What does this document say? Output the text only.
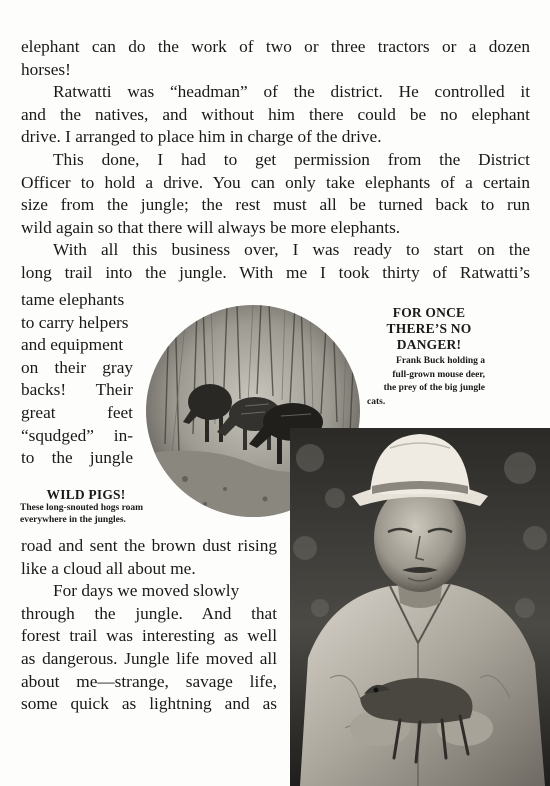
elephant can do the work of two or three tractors or a dozen
horses!
Ratwatti was “headman” of the district. He controlled it
and the natives, and without him there could be no elephant
drive. I arranged to place him in charge of the drive.
This done, I had to get permission from the District
Officer to hold a drive. You can only take elephants of a certain
size from the jungle; the rest must all be turned back to run
wild again so that there will always be more elephants.
With all this business over, I was ready to start on the
long trail into the jungle. With me I took thirty of Ratwatti’s
tame elephants
to carry helpers
and equipment
on their gray
backs! Their
great feet
“squdged” in-
to the jungle
FOR ONCE
THERE’S NO
DANGER!
Frank Buck holding a
full-grown mouse deer,
the prey of the big jungle
cats.
WILD PIGS!
These long-snouted hogs roam
everywhere in the jungles.
road and sent the brown dust rising
like a cloud all about me.
For days we moved slowly
through the jungle. And that
forest trail was interesting as well
as dangerous. Jungle life moved all
about me—strange, savage life,
some quick as lightning and as
